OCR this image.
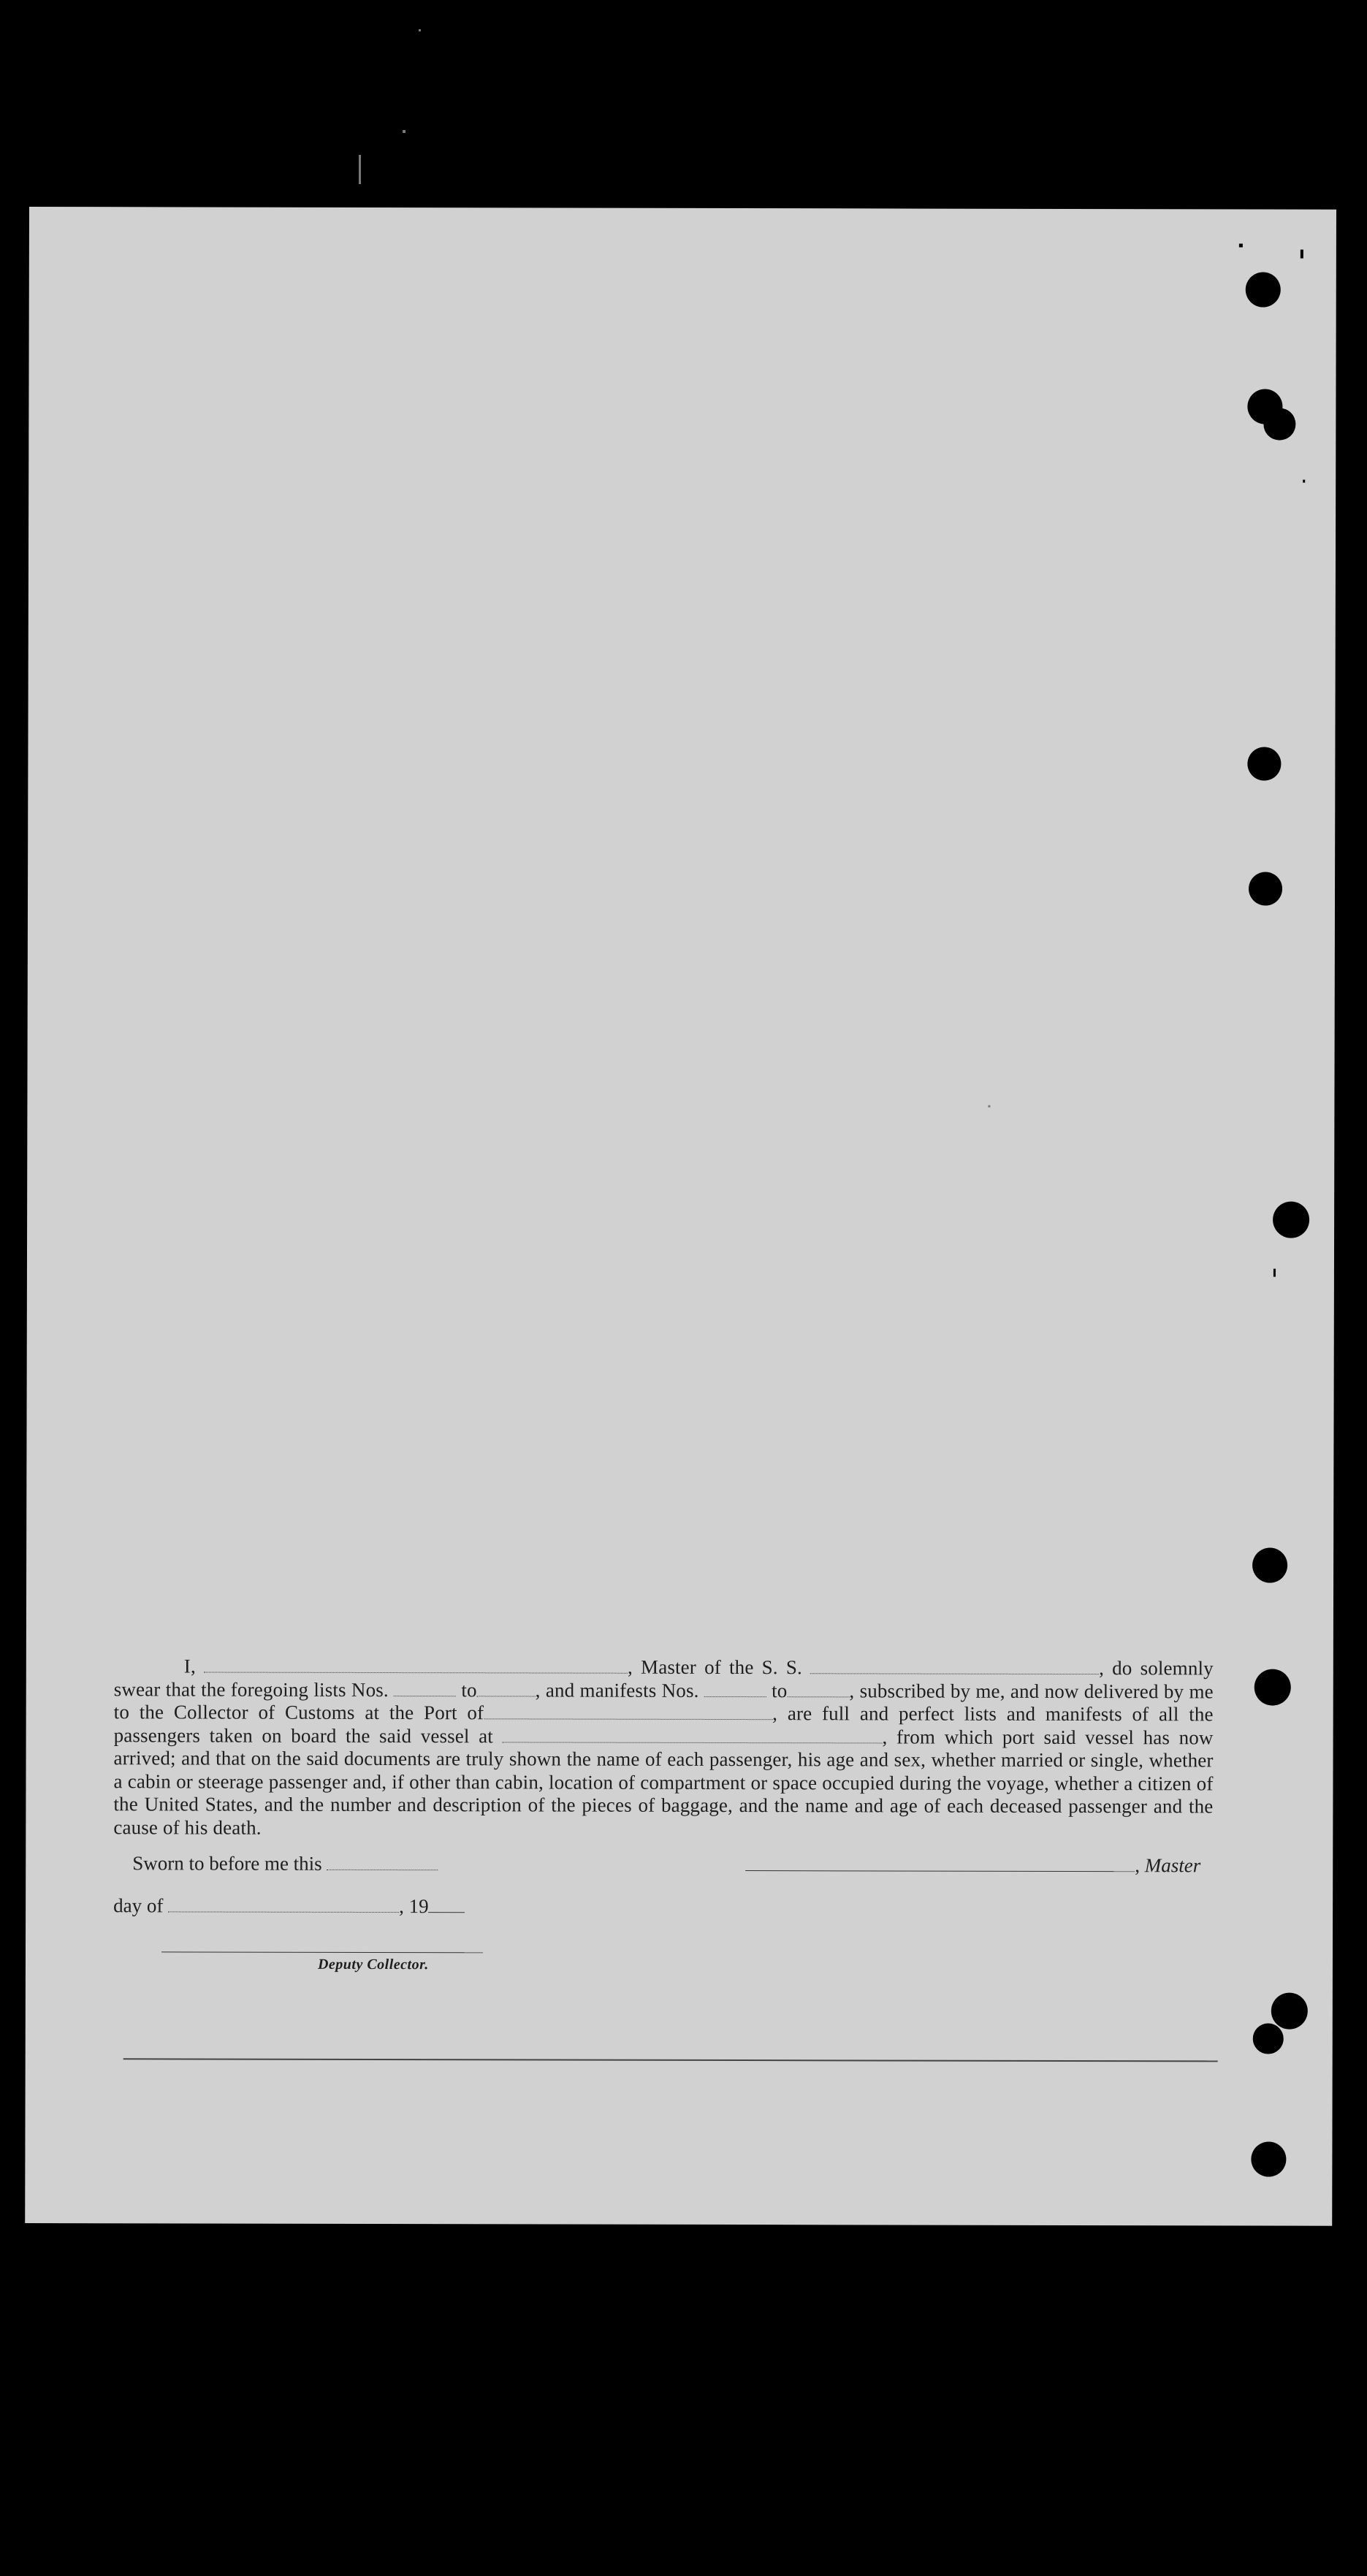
I,	, Master of the S. S.	, do solemnly swear that the foregoing lists Nos.	to	, and manifests Nos.	to	, subscribed by me, and now delivered by me to the Collector of Customs at the Port of	, are full and perfect lists and manifests of all the passengers taken on board the said vessel at	, from which port said vessel has now arrived; and that on the said documents are truly shown the name of each passenger, his age and sex, whether married or single, whether a cabin or steerage passenger and, if other than cabin, location of compartment or space occupied during the voyage, whether a citizen of the United States, and the number and description of the pieces of baggage, and the name and age of each deceased passenger and the cause of his death.

Sworn to before me this	, Master
day of	, 19
Deputy Collector.
